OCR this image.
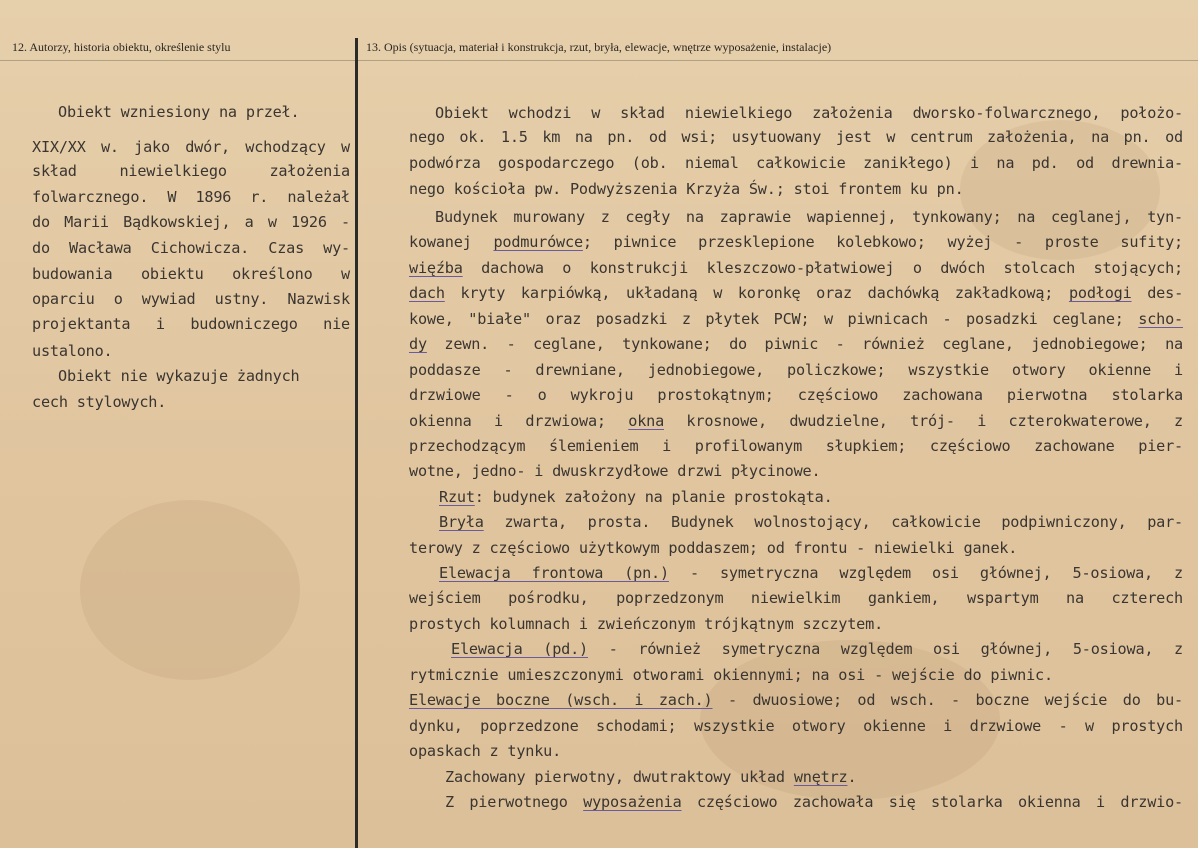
12. Autorzy, historia obiektu, określenie stylu	13. Opis (sytuacja, materiał i konstrukcja, rzut, bryła, elewacje, wnętrze wyposażenie, instalacje)
Obiekt wzniesiony na przeł.
XIX/XX w. jako dwór, wchodzący w
skład niewielkiego założenia
folwarcznego. W 1896 r. należał
do Marii Bądkowskiej, a w 1926 -
do Wacława Cichowicza. Czas wy-
budowania obiektu określono w
oparciu o wywiad ustny. Nazwisk
projektanta i budowniczego nie
ustalono.
Obiekt nie wykazuje żadnych
cech stylowych.
Obiekt wchodzi w skład niewielkiego założenia dworsko-folwarcznego, położo-
nego ok. 1.5 km na pn. od wsi; usytuowany jest w centrum założenia, na pn. od
podwórza gospodarczego (ob. niemal całkowicie zanikłego) i na pd. od drewnia-
nego kościoła pw. Podwyższenia Krzyża Św.; stoi frontem ku pn.
Budynek murowany z cegły na zaprawie wapiennej, tynkowany; na ceglanej, tyn-
kowanej podmurówce; piwnice przesklepione kolebkowo; wyżej - proste sufity;
więźba dachowa o konstrukcji kleszczowo-płatwiowej o dwóch stolcach stojących;
dach kryty karpiówką, układaną w koronkę oraz dachówką zakładkową; podłogi des-
kowe, "białe" oraz posadzki z płytek PCW; w piwnicach - posadzki ceglane; scho-
dy zewn. - ceglane, tynkowane; do piwnic - również ceglane, jednobiegowe; na
poddasze - drewniane, jednobiegowe, policzkowe; wszystkie otwory okienne i
drzwiowe - o wykroju prostokątnym; częściowo zachowana pierwotna stolarka
okienna i drzwiowa; okna krosnowe, dwudzielne, trój- i czterokwaterowe, z
przechodzącym ślemieniem i profilowanym słupkiem; częściowo zachowane pier-
wotne, jedno- i dwuskrzydłowe drzwi płycinowe.
Rzut: budynek założony na planie prostokąta.
Bryła zwarta, prosta. Budynek wolnostojący, całkowicie podpiwniczony, par-
terowy z częściowo użytkowym poddaszem; od frontu - niewielki ganek.
Elewacja frontowa (pn.) - symetryczna względem osi głównej, 5-osiowa, z
wejściem pośrodku, poprzedzonym niewielkim gankiem, wspartym na czterech
prostych kolumnach i zwieńczonym trójkątnym szczytem.
Elewacja (pd.) - również symetryczna względem osi głównej, 5-osiowa, z
rytmicznie umieszczonymi otworami okiennymi; na osi - wejście do piwnic.
Elewacje boczne (wsch. i zach.) - dwuosiowe; od wsch. - boczne wejście do bu-
dynku, poprzedzone schodami; wszystkie otwory okienne i drzwiowe - w prostych
opaskach z tynku.
Zachowany pierwotny, dwutraktowy układ wnętrz.
Z pierwotnego wyposażenia częściowo zachowała się stolarka okienna i drzwio-
